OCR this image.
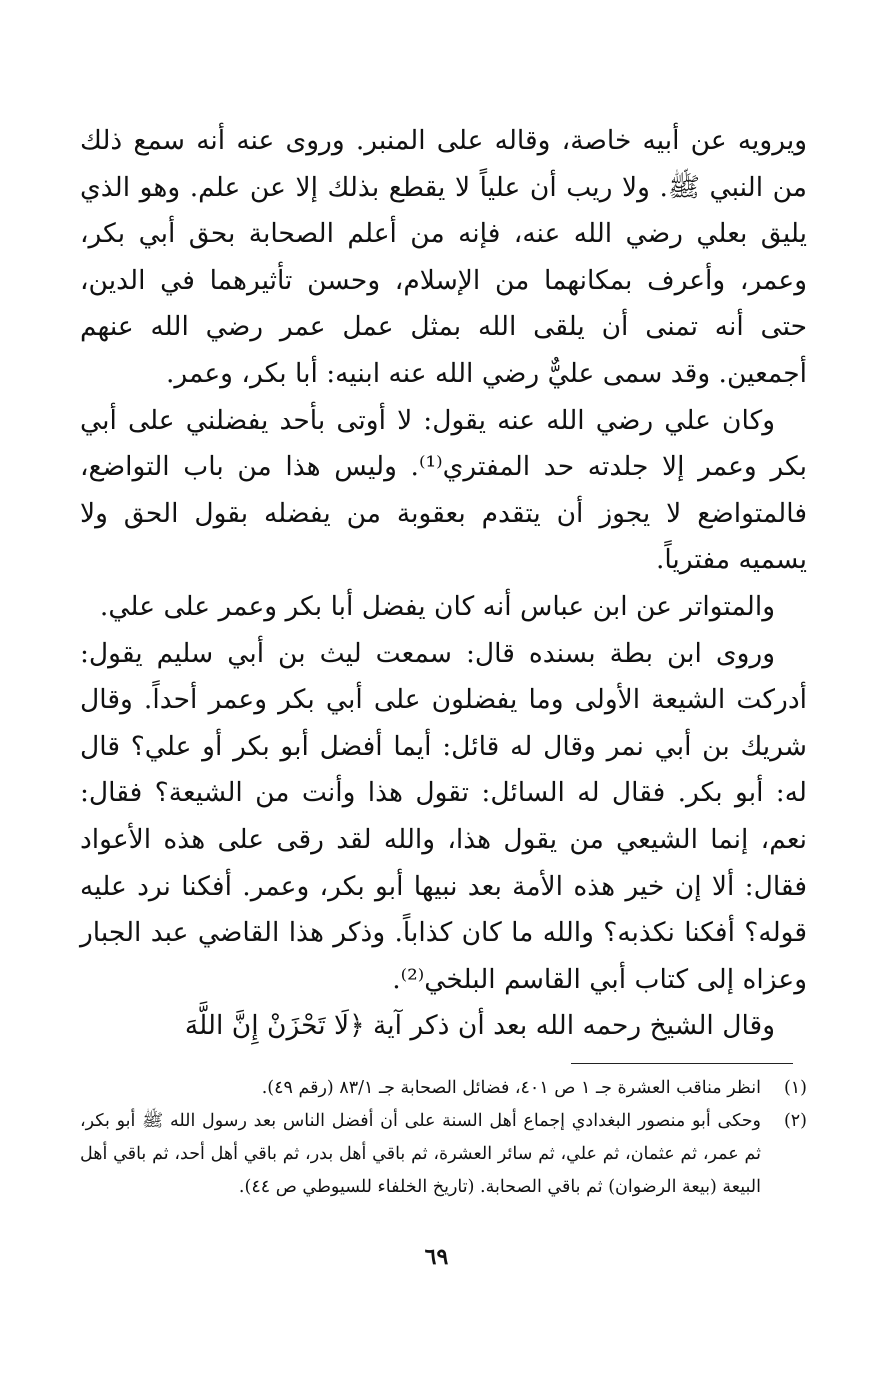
ويرويه عن أبيه خاصة، وقاله على المنبر. وروى عنه أنه سمع ذلك من النبي ﷺ. ولا ريب أن علياً لا يقطع بذلك إلا عن علم. وهو الذي يليق بعلي رضي الله عنه، فإنه من أعلم الصحابة بحق أبي بكر، وعمر، وأعرف بمكانهما من الإسلام، وحسن تأثيرهما في الدين، حتى أنه تمنى أن يلقى الله بمثل عمل عمر رضي الله عنهم أجمعين. وقد سمى عليٌّ رضي الله عنه ابنيه: أبا بكر، وعمر.

وكان علي رضي الله عنه يقول: لا أوتى بأحد يفضلني على أبي بكر وعمر إلا جلدته حد المفتري⁽¹⁾. وليس هذا من باب التواضع، فالمتواضع لا يجوز أن يتقدم بعقوبة من يفضله بقول الحق ولا يسميه مفترياً.

والمتواتر عن ابن عباس أنه كان يفضل أبا بكر وعمر على علي.

وروى ابن بطة بسنده قال: سمعت ليث بن أبي سليم يقول: أدركت الشيعة الأولى وما يفضلون على أبي بكر وعمر أحداً. وقال شريك بن أبي نمر وقال له قائل: أيما أفضل أبو بكر أو علي؟ قال له: أبو بكر. فقال له السائل: تقول هذا وأنت من الشيعة؟ فقال: نعم، إنما الشيعي من يقول هذا، والله لقد رقى على هذه الأعواد فقال: ألا إن خير هذه الأمة بعد نبيها أبو بكر، وعمر. أفكنا نرد عليه قوله؟ أفكنا نكذبه؟ والله ما كان كذاباً. وذكر هذا القاضي عبد الجبار وعزاه إلى كتاب أبي القاسم البلخي⁽²⁾.

وقال الشيخ رحمه الله بعد أن ذكر آية ﴿لَا تَحْزَنْ إِنَّ اللَّهَ

(١)
انظر مناقب العشرة جـ ١ ص ٤٠١، فضائل الصحابة جـ ٨٣/١ (رقم ٤٩).
(٢)
وحكى أبو منصور البغدادي إجماع أهل السنة على أن أفضل الناس بعد رسول الله ﷺ أبو بكر، ثم عمر، ثم عثمان، ثم علي، ثم سائر العشرة، ثم باقي أهل بدر، ثم باقي أهل أحد، ثم باقي أهل البيعة (بيعة الرضوان) ثم باقي الصحابة. (تاريخ الخلفاء للسيوطي ص ٤٤).
٦٩
